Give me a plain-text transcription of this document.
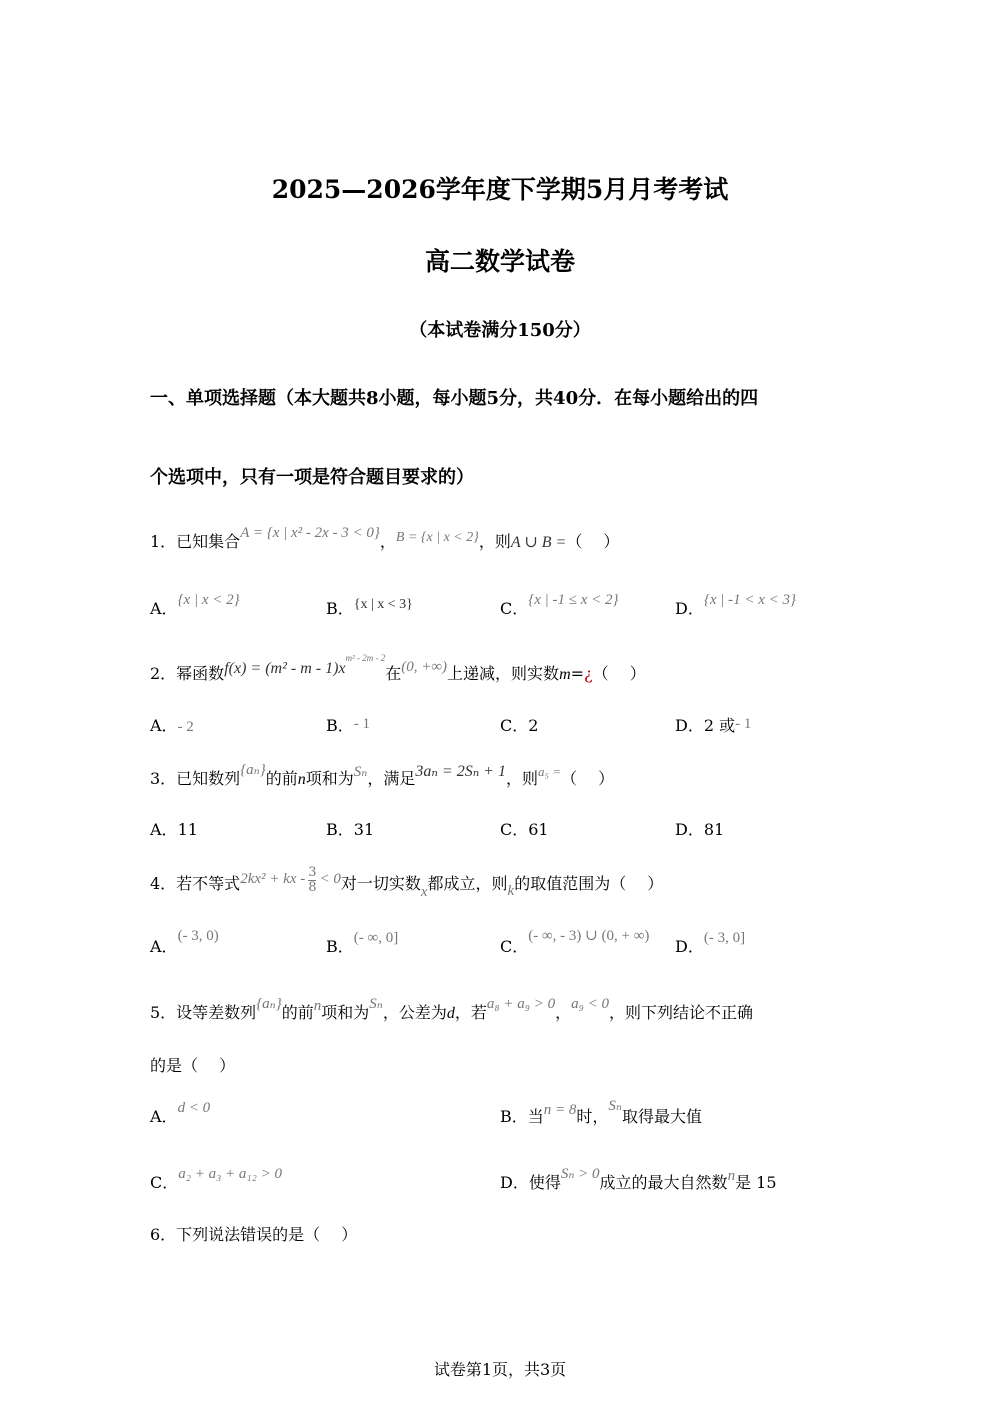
2025—2026学年度下学期5月月考考试
高二数学试卷
（本试卷满分150分）
一、单项选择题（本大题共8小题，每小题5分，共40分．在每小题给出的四
个选项中，只有一项是符合题目要求的）
1．已知集合A = {x | x² - 2x - 3 < 0}，B = {x | x < 2}，则A ∪ B =（　 ）
A．{x | x < 2}	B．{x | x < 3}	C．{x | -1 ≤ x < 2}	D．{x | -1 < x < 3}
2．幂函数$f(x) = (m^2 - m - 1)x^{m^2 - 2m - 2}$在(0, +∞)上递减，则实数m=¿（　 ）
A．- 2	B．- 1	C．2	D．2 或- 1
3．已知数列{aₙ}的前n项和为Sₙ，满足3aₙ = 2Sₙ + 1，则$^{a_5 =}$（　 ）
A．11	B．31	C．61	D．81
4．若不等式2kx² + kx - $\frac{3}{8} < 0$对一切实数x都成立，则k的取值范围为（　 ）
A．(- 3, 0)
B．(- ∞, 0]	C．(- ∞, - 3) ∪ (0, + ∞)
D．(- 3, 0]
5．设等差数列{aₙ}的前n项和为Sₙ，公差为d，若a₈ + a₉ > 0，a₉ < 0，则下列结论不正确
的是（　 ）
A．d < 0	B．当n = 8时，Sₙ取得最大值
C．a₂ + a₃ + a₁₂ > 0	D．使得Sₙ > 0成立的最大自然数n是 15
6．下列说法错误的是（　 ）
试卷第1页，共3页
